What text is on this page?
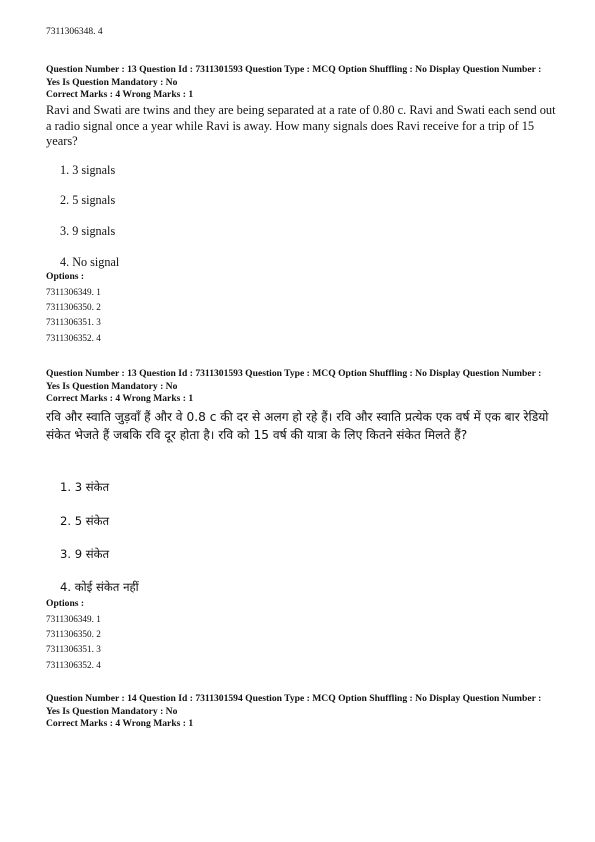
7311306348. 4
Question Number : 13 Question Id : 7311301593 Question Type : MCQ Option Shuffling : No Display Question Number : Yes Is Question Mandatory : No
Correct Marks : 4 Wrong Marks : 1
Ravi and Swati are twins and they are being separated at a rate of 0.80 c. Ravi and Swati each send out a radio signal once a year while Ravi is away. How many signals does Ravi receive for a trip of 15 years?
1. 3 signals
2. 5 signals
3. 9 signals
4. No signal
Options :
7311306349. 1
7311306350. 2
7311306351. 3
7311306352. 4
Question Number : 13 Question Id : 7311301593 Question Type : MCQ Option Shuffling : No Display Question Number : Yes Is Question Mandatory : No
Correct Marks : 4 Wrong Marks : 1
रवि और स्वाति जुड़वाँ हैं और वे 0.8 c की दर से अलग हो रहे हैं। रवि और स्वाति प्रत्येक एक वर्ष में एक बार रेडियो संकेत भेजते हैं जबकि रवि दूर होता है। रवि को 15 वर्ष की यात्रा के लिए कितने संकेत मिलते हैं?
1. 3 संकेत
2. 5 संकेत
3. 9 संकेत
4. कोई संकेत नहीं
Options :
7311306349. 1
7311306350. 2
7311306351. 3
7311306352. 4
Question Number : 14 Question Id : 7311301594 Question Type : MCQ Option Shuffling : No Display Question Number : Yes Is Question Mandatory : No
Correct Marks : 4 Wrong Marks : 1
